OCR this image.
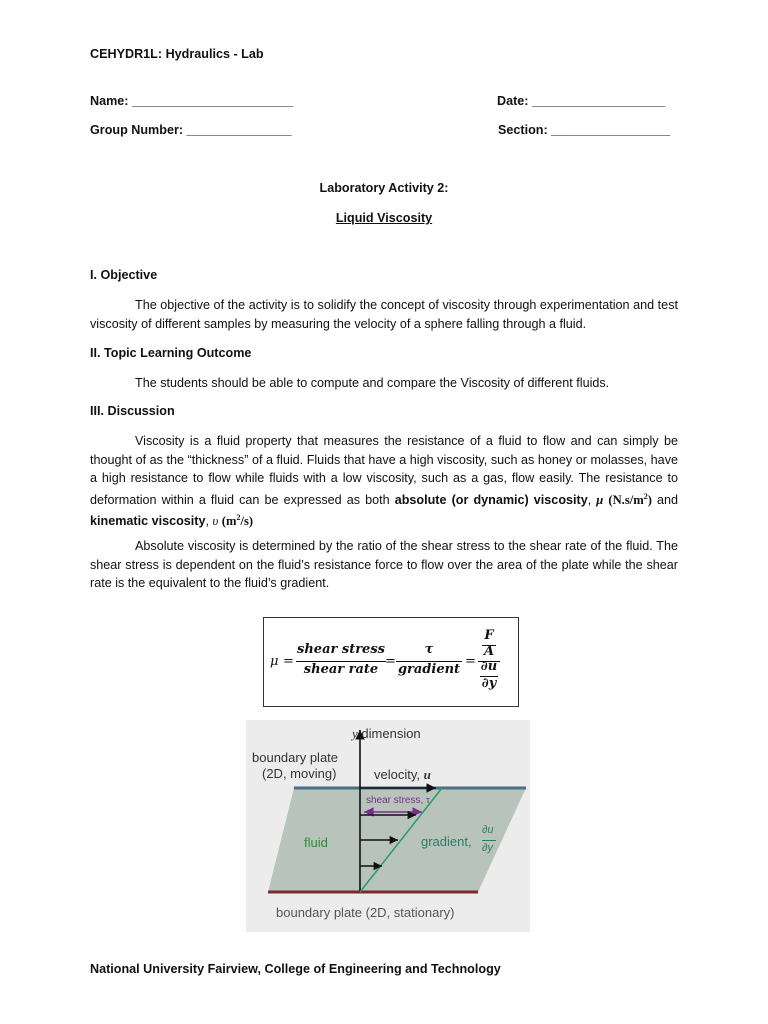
CEHYDR1L: Hydraulics - Lab
Name: _______________________	Date: ___________________
Group Number: _______________	Section: _________________
Laboratory Activity 2:
Liquid Viscosity
I. Objective
The objective of the activity is to solidify the concept of viscosity through experimentation and test viscosity of different samples by measuring the velocity of a sphere falling through a fluid.
II. Topic Learning Outcome
The students should be able to compute and compare the Viscosity of different fluids.
III. Discussion
Viscosity is a fluid property that measures the resistance of a fluid to flow and can simply be thought of as the “thickness” of a fluid. Fluids that have a high viscosity, such as honey or molasses, have a high resistance to flow while fluids with a low viscosity, such as a gas, flow easily. The resistance to deformation within a fluid can be expressed as both absolute (or dynamic) viscosity, μ $(N.s/m^2)$ and kinematic viscosity, υ $(m^2/s)$
Absolute viscosity is determined by the ratio of the shear stress to the shear rate of the fluid. The shear stress is dependent on the fluid’s resistance force to flow over the area of the plate while the shear rate is the equivalent to the fluid’s gradient.
μ =
shear stress
shear rate
=
τ
gradient
=
F
A
∂u
∂y
y dimension
boundary plate
(2D, moving)	velocity, u
shear stress, τ
fluid	gradient,
∂u
∂y
boundary plate (2D, stationary)
National University Fairview, College of Engineering and Technology
